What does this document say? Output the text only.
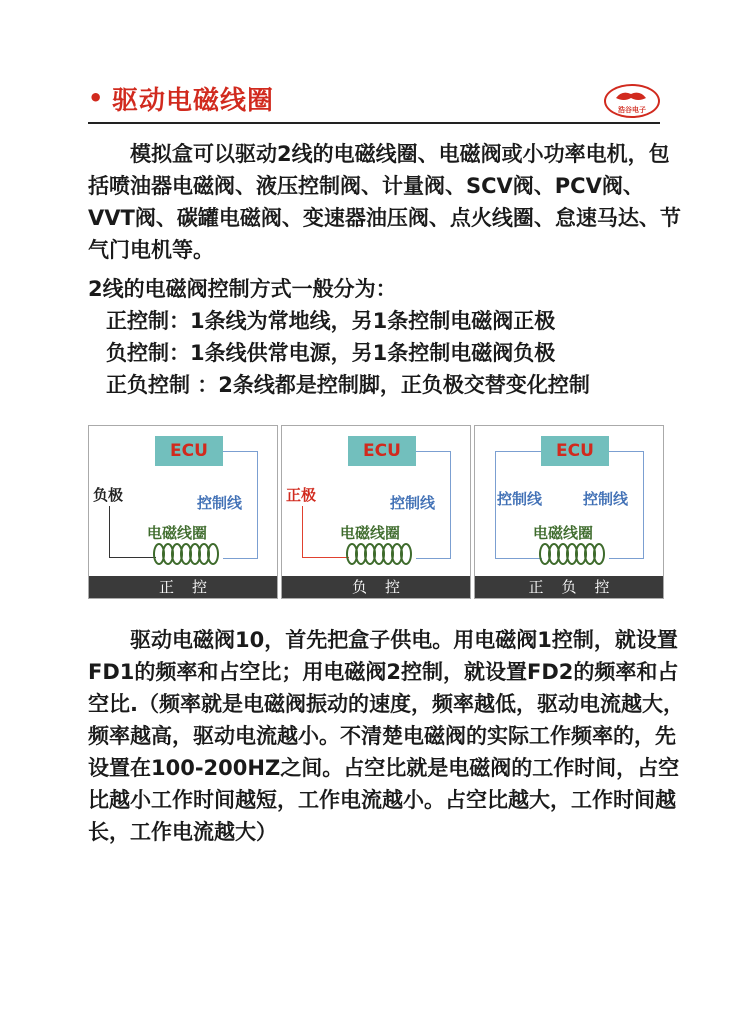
• 驱动电磁线圈	浩谷电子

模拟盒可以驱动2线的电磁线圈、电磁阀或小功率电机，包括喷油器电磁阀、液压控制阀、计量阀、SCV阀、PCV阀、VVT阀、碳罐电磁阀、变速器油压阀、点火线圈、怠速马达、节气门电机等。

2线的电磁阀控制方式一般分为：
正控制：1条线为常地线，另1条控制电磁阀正极
负控制：1条线供常电源，另1条控制电磁阀负极
正负控制 ：2条线都是控制脚，正负极交替变化控制
ECU
负极	控制线
电磁线圈
正控
ECU
正极	控制线
电磁线圈
负控
ECU
控制线	控制线
电磁线圈
正负控

驱动电磁阀10，首先把盒子供电。用电磁阀1控制，就设置FD1的频率和占空比；用电磁阀2控制，就设置FD2的频率和占空比.（频率就是电磁阀振动的速度，频率越低，驱动电流越大，频率越高，驱动电流越小。不清楚电磁阀的实际工作频率的，先设置在100-200HZ之间。占空比就是电磁阀的工作时间，占空比越小工作时间越短，工作电流越小。占空比越大，工作时间越长，工作电流越大）
